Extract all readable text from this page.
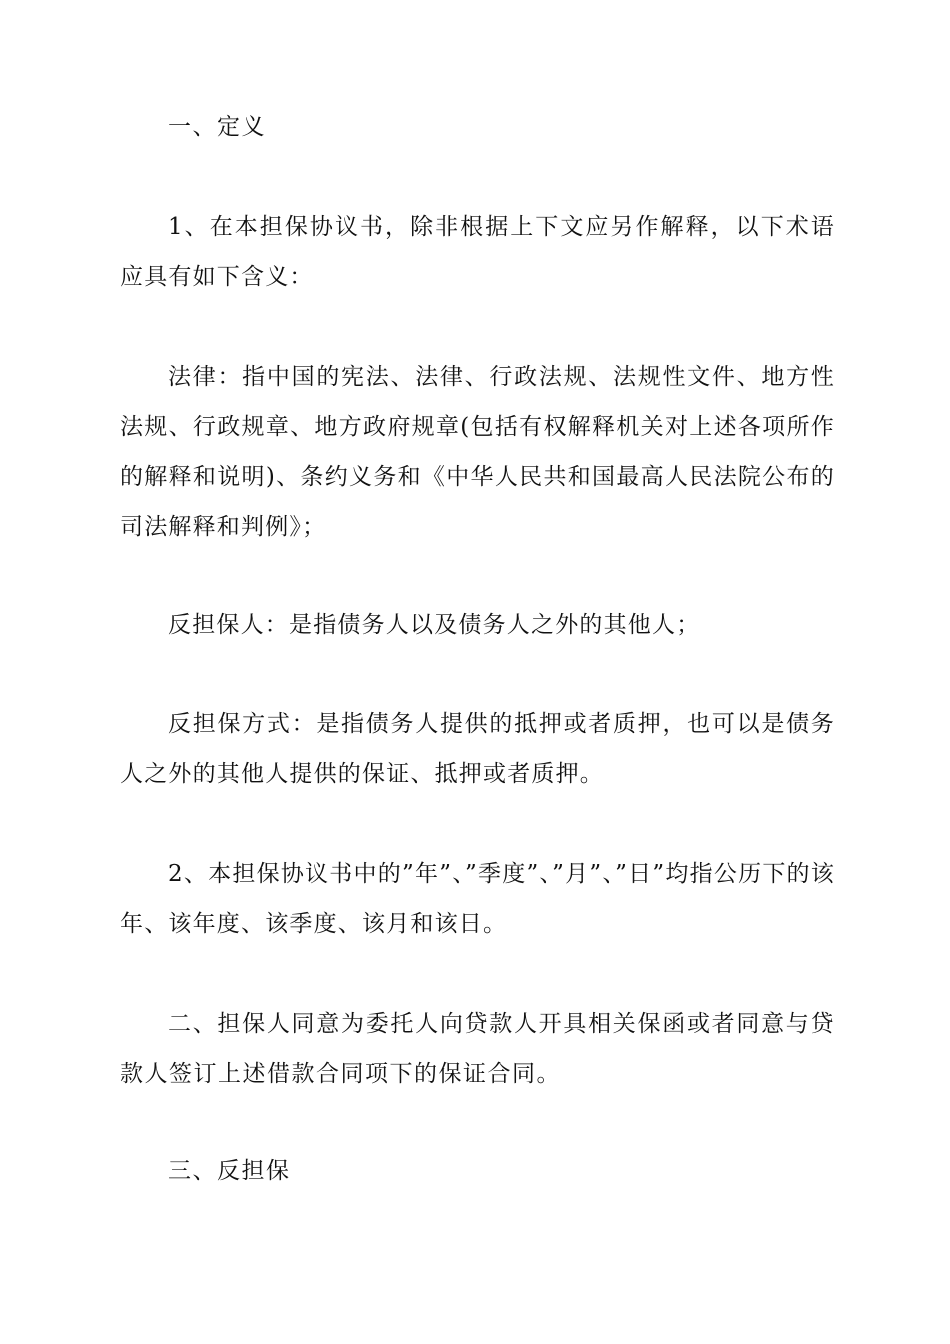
一、定义

1、在本担保协议书，除非根据上下文应另作解释，以下术语应具有如下含义：

法律：指中国的宪法、法律、行政法规、法规性文件、地方性法规、行政规章、地方政府规章(包括有权解释机关对上述各项所作的解释和说明)、条约义务和《中华人民共和国最高人民法院公布的司法解释和判例》；

反担保人：是指债务人以及债务人之外的其他人；

反担保方式：是指债务人提供的抵押或者质押，也可以是债务人之外的其他人提供的保证、抵押或者质押。

2、本担保协议书中的”年”、”季度”、”月”、”日”均指公历下的该年、该年度、该季度、该月和该日。

二、担保人同意为委托人向贷款人开具相关保函或者同意与贷款人签订上述借款合同项下的保证合同。

三、反担保
